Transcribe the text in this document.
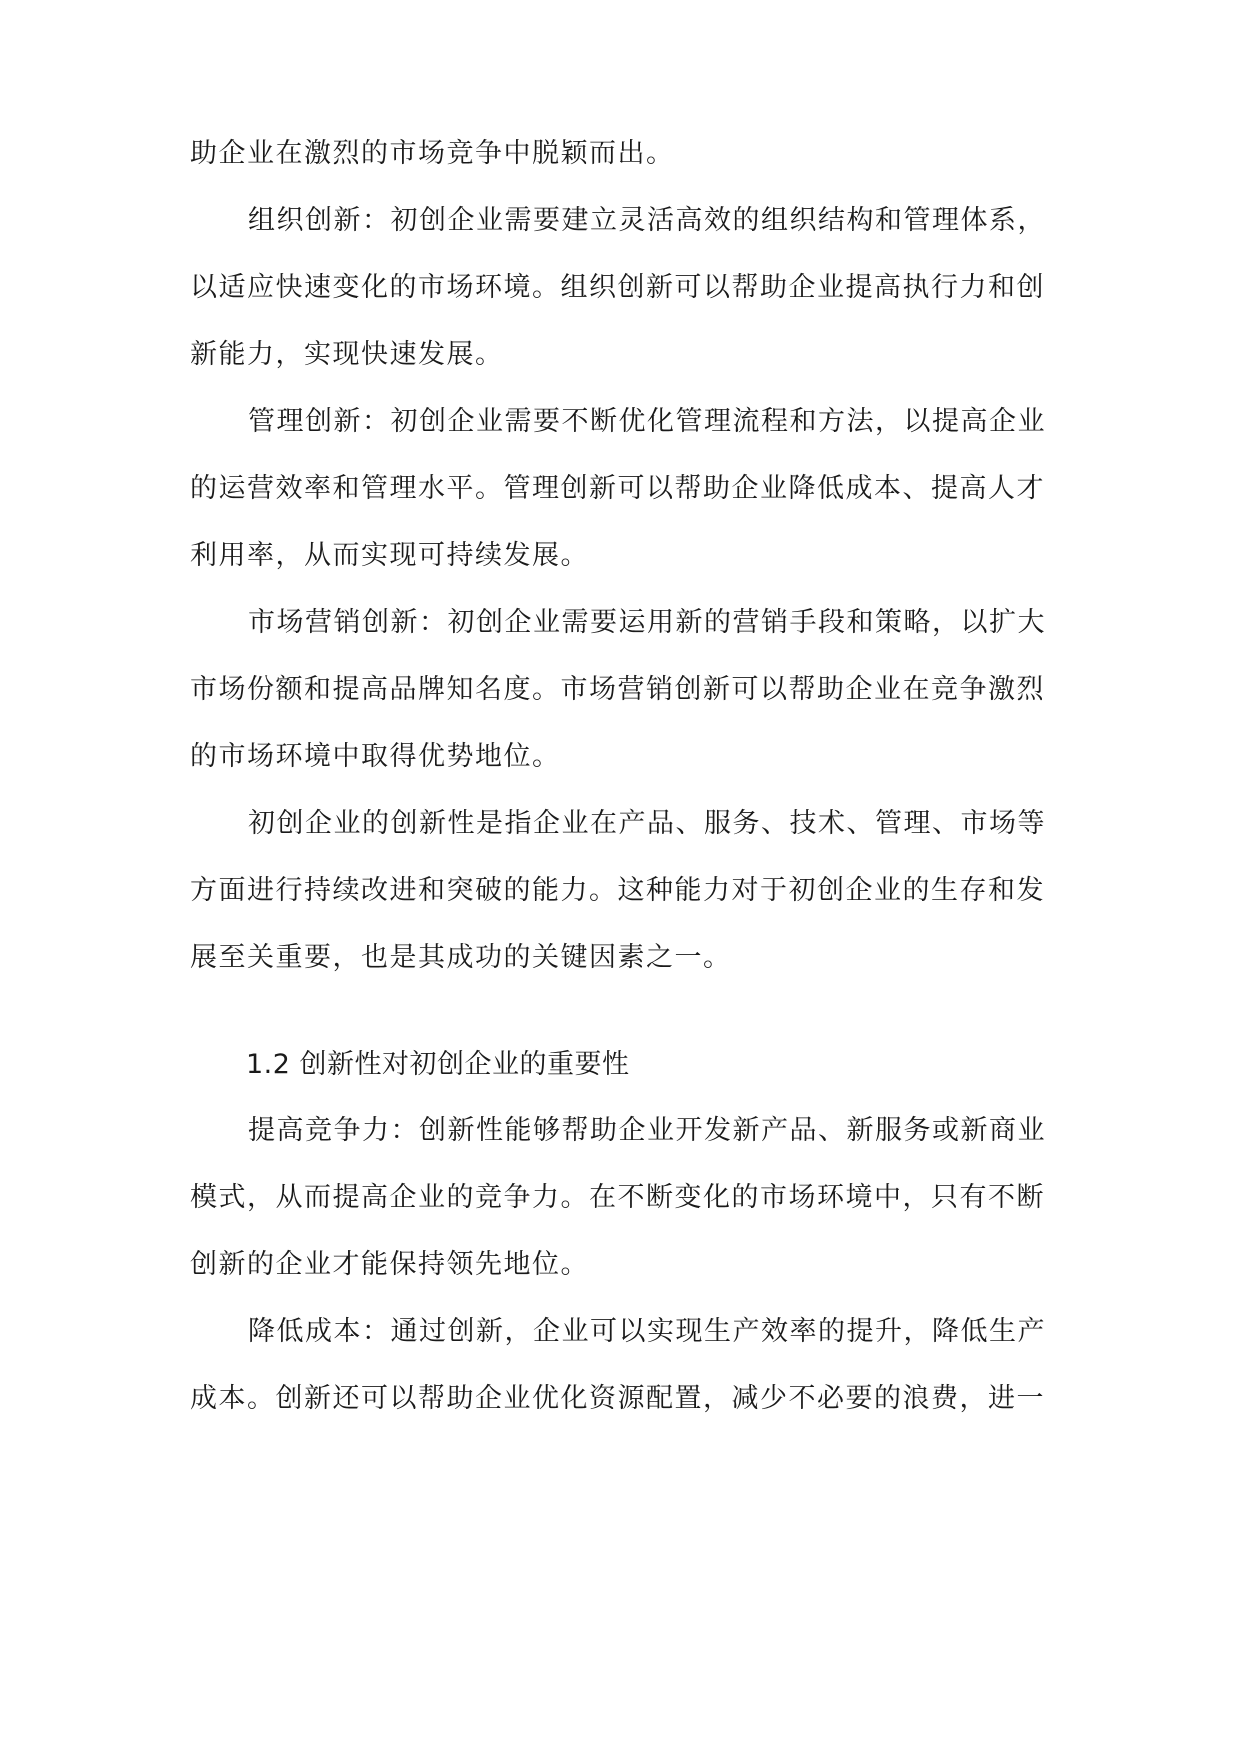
助企业在激烈的市场竞争中脱颖而出。
组织创新：初创企业需要建立灵活高效的组织结构和管理体系，
以适应快速变化的市场环境。组织创新可以帮助企业提高执行力和创
新能力，实现快速发展。
管理创新：初创企业需要不断优化管理流程和方法，以提高企业
的运营效率和管理水平。管理创新可以帮助企业降低成本、提高人才
利用率，从而实现可持续发展。
市场营销创新：初创企业需要运用新的营销手段和策略，以扩大
市场份额和提高品牌知名度。市场营销创新可以帮助企业在竞争激烈
的市场环境中取得优势地位。
初创企业的创新性是指企业在产品、服务、技术、管理、市场等
方面进行持续改进和突破的能力。这种能力对于初创企业的生存和发
展至关重要，也是其成功的关键因素之一。
1.2 创新性对初创企业的重要性
提高竞争力：创新性能够帮助企业开发新产品、新服务或新商业
模式，从而提高企业的竞争力。在不断变化的市场环境中，只有不断
创新的企业才能保持领先地位。
降低成本：通过创新，企业可以实现生产效率的提升，降低生产
成本。创新还可以帮助企业优化资源配置，减少不必要的浪费，进一
